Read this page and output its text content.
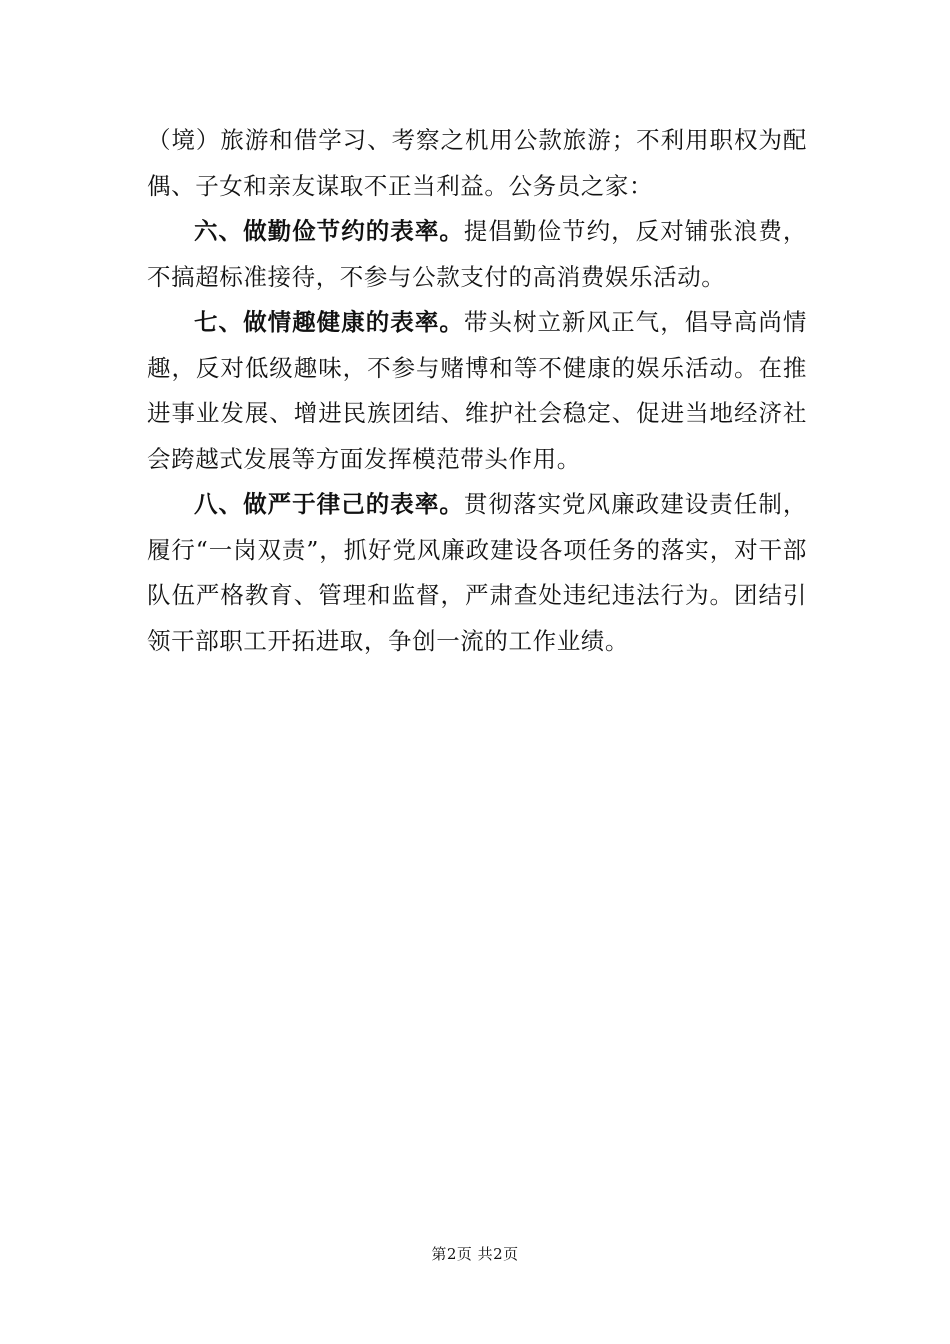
（境）旅游和借学习、考察之机用公款旅游；不利用职权为配偶、子女和亲友谋取不正当利益。公务员之家：

六、做勤俭节约的表率。提倡勤俭节约，反对铺张浪费，不搞超标准接待，不参与公款支付的高消费娱乐活动。

七、做情趣健康的表率。带头树立新风正气，倡导高尚情趣，反对低级趣味，不参与赌博和等不健康的娱乐活动。在推进事业发展、增进民族团结、维护社会稳定、促进当地经济社会跨越式发展等方面发挥模范带头作用。

八、做严于律己的表率。贯彻落实党风廉政建设责任制，履行“一岗双责”，抓好党风廉政建设各项任务的落实，对干部队伍严格教育、管理和监督，严肃查处违纪违法行为。团结引领干部职工开拓进取，争创一流的工作业绩。

第2页 共2页
